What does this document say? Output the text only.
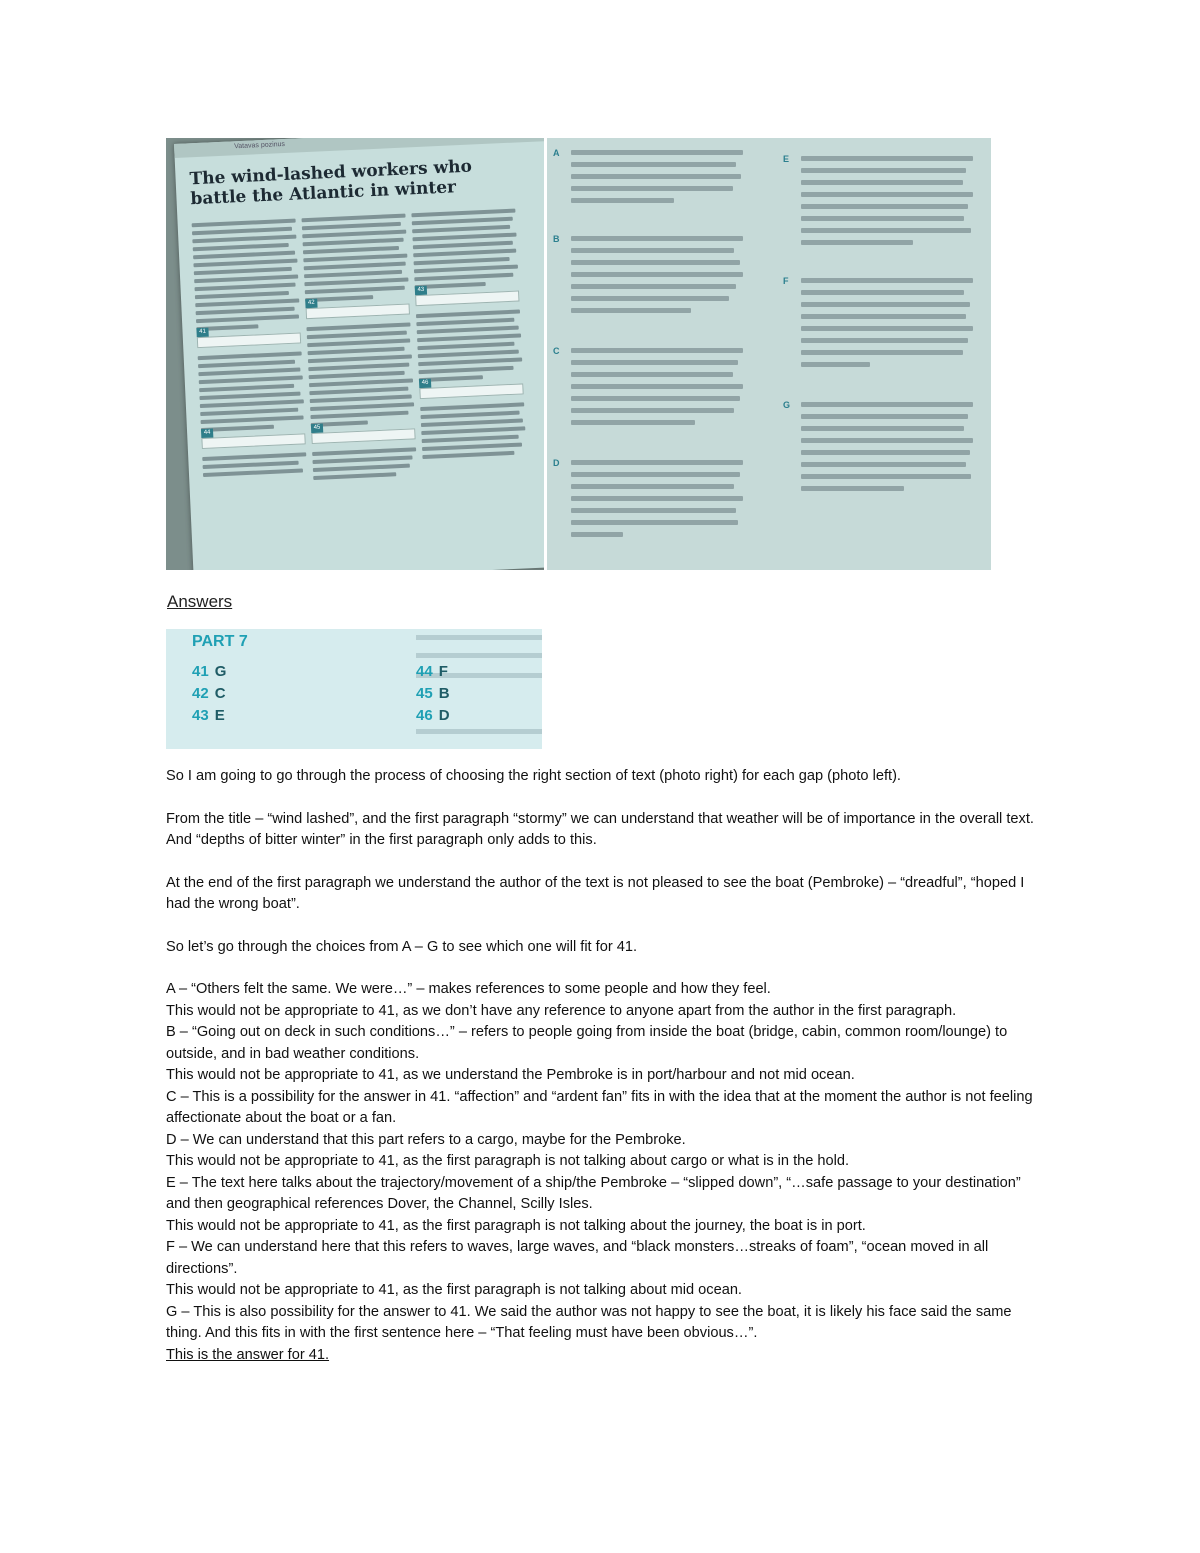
Vatavas pozinus
The wind-lashed workers who battle the Atlantic in winter
41
44
42
45
43
46
A
B
C
D
E
F
G
Answers
PART 7
41 G
42 C
43 E
44 F
45 B
46 D

So I am going to go through the process of choosing the right section of text (photo right) for each gap (photo left).

From the title – “wind lashed”, and the first paragraph “stormy” we can understand that weather will be of importance in the overall text. And “depths of bitter winter” in the first paragraph only adds to this.

At the end of the first paragraph we understand the author of the text is not pleased to see the boat (Pembroke) – “dreadful”, “hoped I had the wrong boat”.

So let’s go through the choices from A – G to see which one will fit for 41.

A – “Others felt the same. We were…” – makes references to some people and how they feel.

This would not be appropriate to 41, as we don’t have any reference to anyone apart from the author in the first paragraph.

B – “Going out on deck in such conditions…” – refers to people going from inside the boat (bridge, cabin, common room/lounge) to outside, and in bad weather conditions.

This would not be appropriate to 41, as we understand the Pembroke is in port/harbour and not mid ocean.

C – This is a possibility for the answer in 41. “affection” and “ardent fan” fits in with the idea that at the moment the author is not feeling affectionate about the boat or a fan.

D – We can understand that this part refers to a cargo, maybe for the Pembroke.

This would not be appropriate to 41, as the first paragraph is not talking about cargo or what is in the hold.

E – The text here talks about the trajectory/movement of a ship/the Pembroke – “slipped down”, “…safe passage to your destination” and then geographical references Dover, the Channel, Scilly Isles.

This would not be appropriate to 41, as the first paragraph is not talking about the journey, the boat is in port.

F – We can understand here that this refers to waves, large waves, and “black monsters…streaks of foam”, “ocean moved in all directions”.

This would not be appropriate to 41, as the first paragraph is not talking about mid ocean.

G – This is also possibility for the answer to 41. We said the author was not happy to see the boat, it is likely his face said the same thing. And this fits in with the first sentence here – “That feeling must have been obvious…”.

This is the answer for 41.
